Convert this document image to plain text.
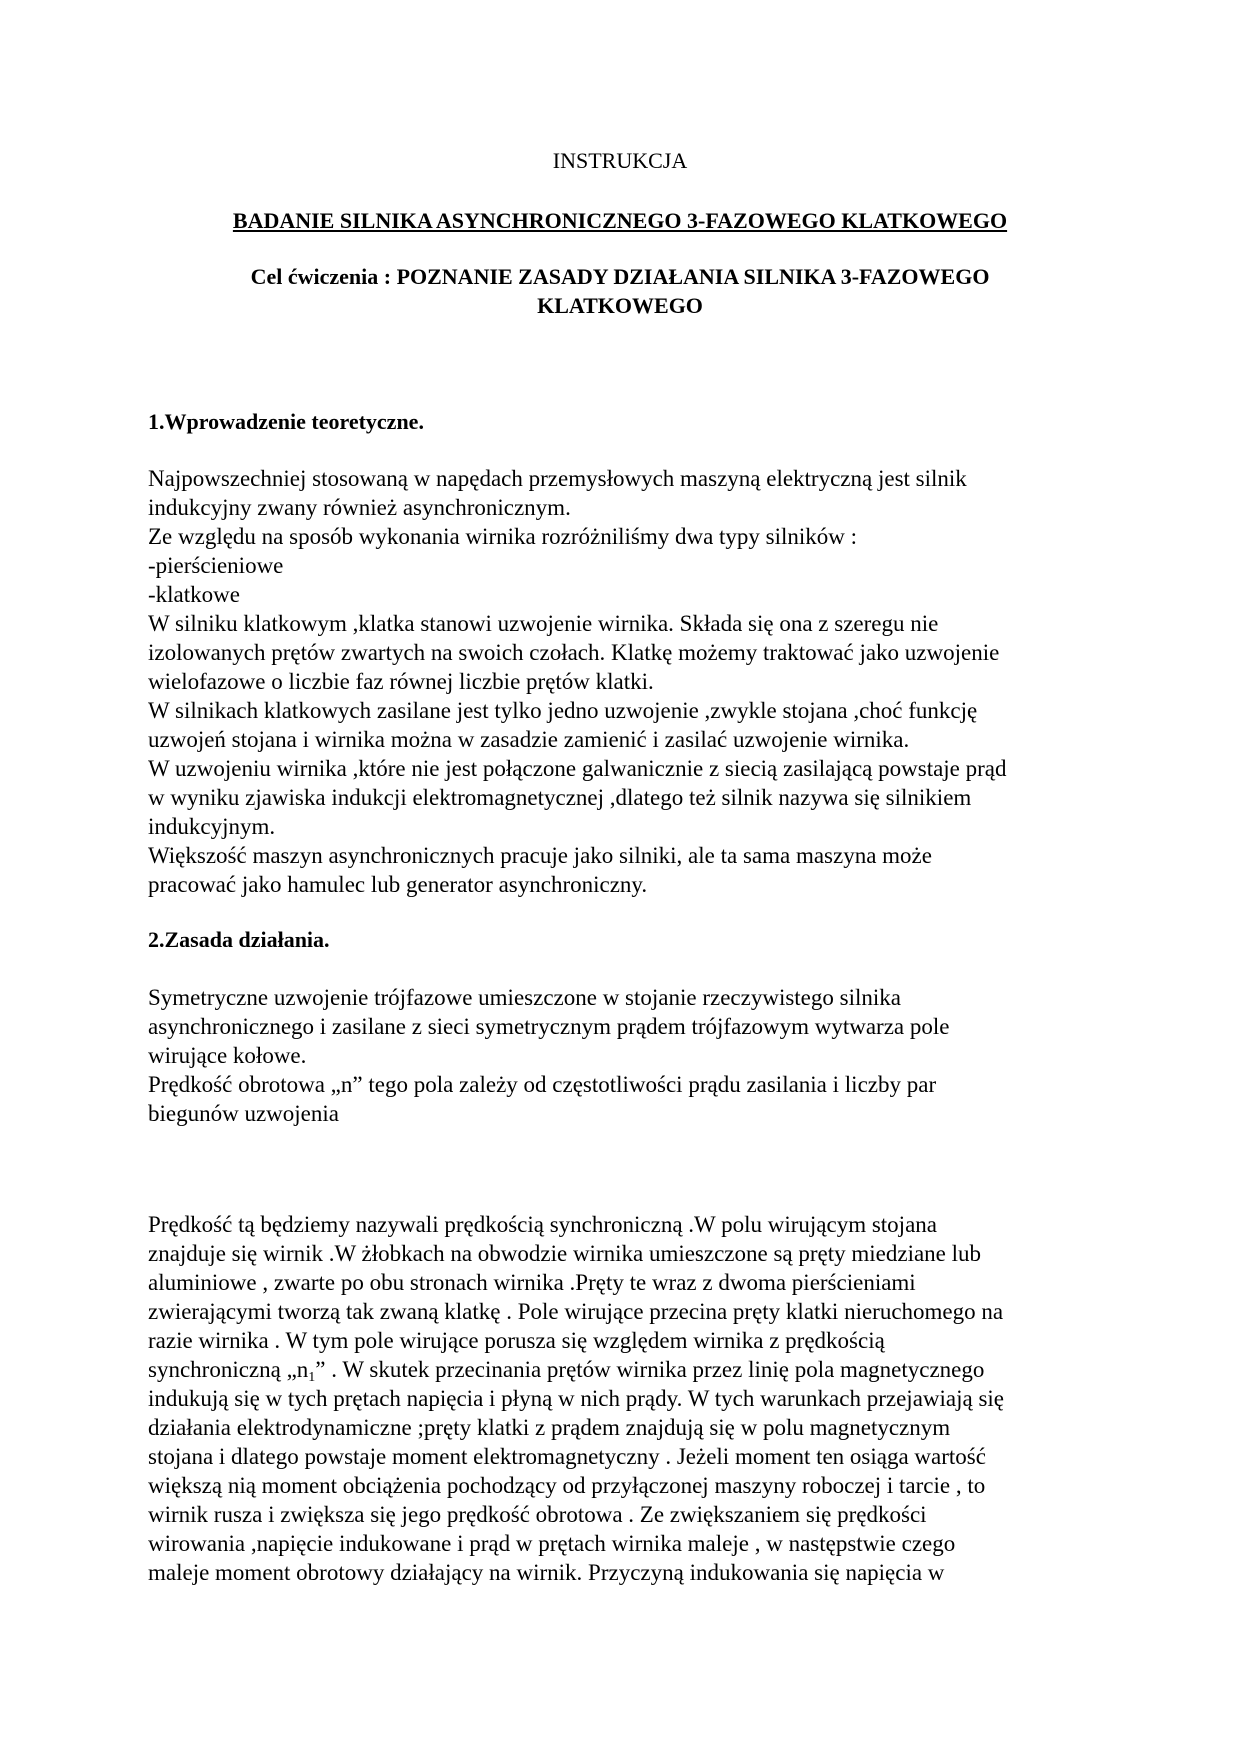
INSTRUKCJA
BADANIE SILNIKA ASYNCHRONICZNEGO 3-FAZOWEGO KLATKOWEGO
Cel ćwiczenia : POZNANIE ZASADY DZIAŁANIA SILNIKA 3-FAZOWEGO
KLATKOWEGO
1.Wprowadzenie teoretyczne.
Najpowszechniej stosowaną w napędach przemysłowych maszyną elektryczną jest silnik
indukcyjny zwany również asynchronicznym.
Ze względu na sposób wykonania wirnika rozróżniliśmy dwa typy silników :
-pierścieniowe
-klatkowe
W silniku klatkowym ,klatka stanowi uzwojenie wirnika. Składa się ona z szeregu nie
izolowanych prętów zwartych na swoich czołach. Klatkę możemy traktować jako uzwojenie
wielofazowe o liczbie faz równej liczbie prętów klatki.
W silnikach klatkowych zasilane jest tylko jedno uzwojenie ,zwykle stojana ,choć funkcję
uzwojeń stojana i wirnika można w zasadzie zamienić i zasilać uzwojenie wirnika.
W uzwojeniu wirnika ,które nie jest połączone galwanicznie z siecią zasilającą powstaje prąd
w wyniku zjawiska indukcji elektromagnetycznej ,dlatego też silnik nazywa się silnikiem
indukcyjnym.
Większość maszyn asynchronicznych pracuje jako silniki, ale ta sama maszyna może
pracować jako hamulec lub generator asynchroniczny.
2.Zasada działania.
Symetryczne uzwojenie trójfazowe umieszczone w stojanie rzeczywistego silnika
asynchronicznego i zasilane z sieci symetrycznym prądem trójfazowym wytwarza pole
wirujące kołowe.
Prędkość obrotowa „n” tego pola zależy od częstotliwości prądu zasilania i liczby par
biegunów uzwojenia
Prędkość tą będziemy nazywali prędkością synchroniczną .W polu wirującym stojana
znajduje się wirnik .W żłobkach na obwodzie wirnika umieszczone są pręty miedziane lub
aluminiowe , zwarte po obu stronach wirnika .Pręty te wraz z dwoma pierścieniami
zwierającymi tworzą tak zwaną klatkę . Pole wirujące przecina pręty klatki nieruchomego na
razie wirnika . W tym pole wirujące porusza się względem wirnika z prędkością
synchroniczną $„n_1$” . W skutek przecinania prętów wirnika przez linię pola magnetycznego
indukują się w tych prętach napięcia i płyną w nich prądy. W tych warunkach przejawiają się
działania elektrodynamiczne ;pręty klatki z prądem znajdują się w polu magnetycznym
stojana i dlatego powstaje moment elektromagnetyczny . Jeżeli moment ten osiąga wartość
większą nią moment obciążenia pochodzący od przyłączonej maszyny roboczej i tarcie , to
wirnik rusza i zwiększa się jego prędkość obrotowa . Ze zwiększaniem się prędkości
wirowania ,napięcie indukowane i prąd w prętach wirnika maleje , w następstwie czego
maleje moment obrotowy działający na wirnik. Przyczyną indukowania się napięcia w
